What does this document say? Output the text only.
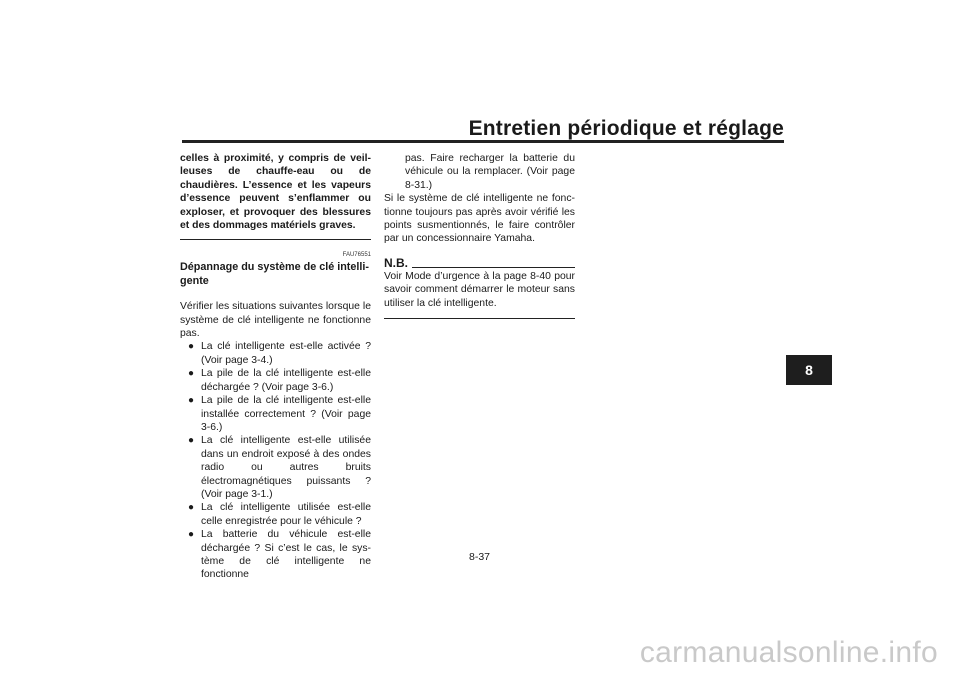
Entretien périodique et réglage
8
celles à proximité, y compris de veilleuses de chauffe-eau ou de chaudières. L’essence et les vapeurs d’essence peuvent s’enflammer ou exploser, et provoquer des blessures et des dommages matériels graves.
FAU76551
Dépannage du système de clé intelligente
Vérifier les situations suivantes lorsque le système de clé intelligente ne fonctionne pas.
● La clé intelligente est-elle activée ? (Voir page 3-4.)
● La pile de la clé intelligente est-elle déchargée ? (Voir page 3-6.)
● La pile de la clé intelligente est-elle installée correctement ? (Voir page 3-6.)
● La clé intelligente est-elle utilisée dans un endroit exposé à des ondes radio ou autres bruits électromagnétiques puissants ? (Voir page 3-1.)
● La clé intelligente utilisée est-elle celle enregistrée pour le véhicule ?
● La batterie du véhicule est-elle déchargée ? Si c’est le cas, le système de clé intelligente ne fonctionne
pas. Faire recharger la batterie du véhicule ou la remplacer. (Voir page 8-31.)
Si le système de clé intelligente ne fonctionne toujours pas après avoir vérifié les points susmentionnés, le faire contrôler par un concessionnaire Yamaha.
N.B.
Voir Mode d’urgence à la page 8-40 pour savoir comment démarrer le moteur sans utiliser la clé intelligente.
8-37
carmanualsonline.info
